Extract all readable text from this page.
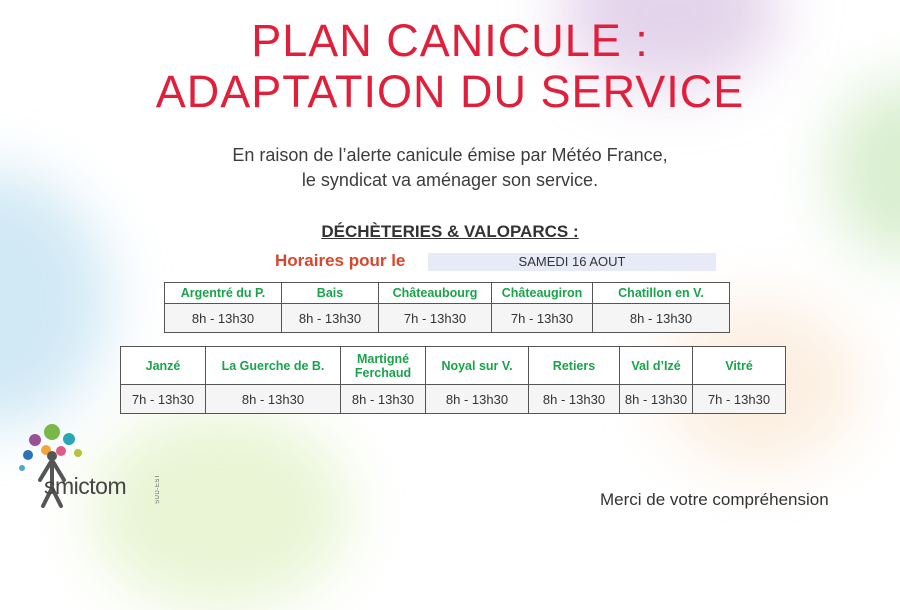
PLAN CANICULE :
ADAPTATION DU SERVICE

En raison de l’alerte canicule émise par Météo France,

le syndicat va aménager son service.

DÉCHÈTERIES & VALOPARCS :
Horaires pour le	SAMEDI 16 AOUT
Argentré du P.	Bais	Châteaubourg	Châteaugiron	Chatillon en V.
8h - 13h30	8h - 13h30	7h - 13h30	7h - 13h30	8h - 13h30
Janzé	La Guerche de B.	Martigné Ferchaud	Noyal sur V.	Retiers	Val d’Izé	Vitré
7h - 13h30	8h - 13h30	8h - 13h30	8h - 13h30	8h - 13h30	8h - 13h30	7h - 13h30
smictom	SUD-EST	Merci de votre compréhension
